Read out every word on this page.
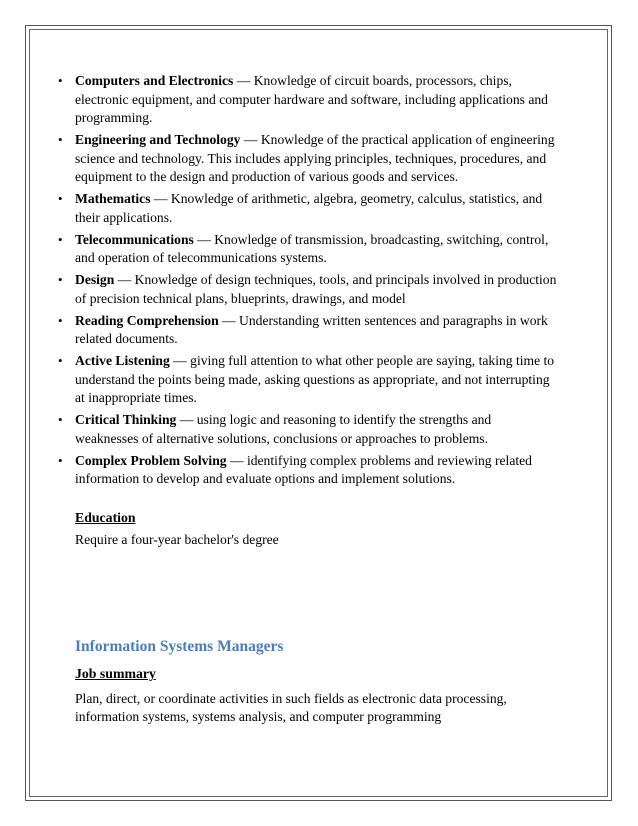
• Computers and Electronics — Knowledge of circuit boards, processors, chips, electronic equipment, and computer hardware and software, including applications and programming.
• Engineering and Technology — Knowledge of the practical application of engineering science and technology. This includes applying principles, techniques, procedures, and equipment to the design and production of various goods and services.
• Mathematics — Knowledge of arithmetic, algebra, geometry, calculus, statistics, and their applications.
• Telecommunications — Knowledge of transmission, broadcasting, switching, control, and operation of telecommunications systems.
• Design — Knowledge of design techniques, tools, and principals involved in production of precision technical plans, blueprints, drawings, and model
• Reading Comprehension — Understanding written sentences and paragraphs in work related documents.
• Active Listening — giving full attention to what other people are saying, taking time to understand the points being made, asking questions as appropriate, and not interrupting at inappropriate times.
• Critical Thinking — using logic and reasoning to identify the strengths and weaknesses of alternative solutions, conclusions or approaches to problems.
• Complex Problem Solving — identifying complex problems and reviewing related information to develop and evaluate options and implement solutions.
Education
Require a four-year bachelor's degree
Information Systems Managers
Job summary
Plan, direct, or coordinate activities in such fields as electronic data processing, information systems, systems analysis, and computer programming
